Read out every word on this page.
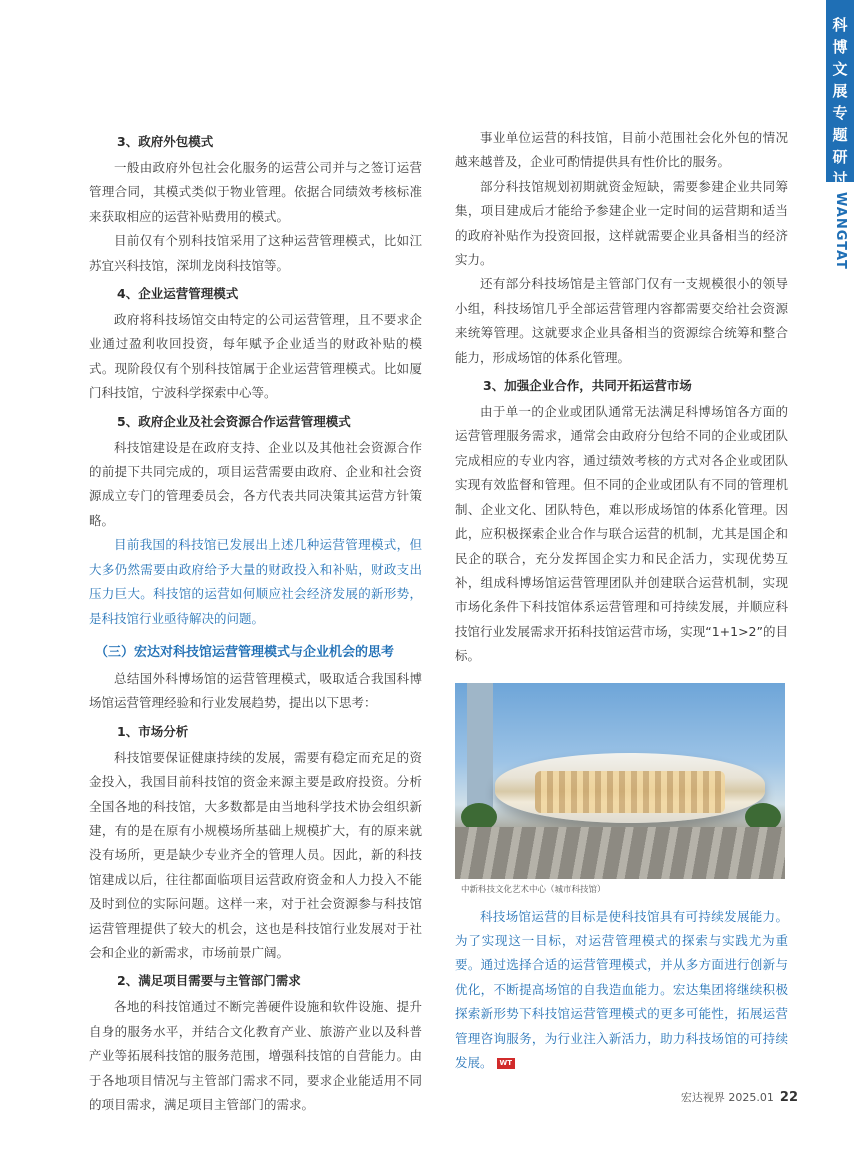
科
博
文
展
专
题
研
讨
WANGTAT
3、政府外包模式

一般由政府外包社会化服务的运营公司并与之签订运营管理合同，其模式类似于物业管理。依据合同绩效考核标准来获取相应的运营补贴费用的模式。

目前仅有个别科技馆采用了这种运营管理模式，比如江苏宜兴科技馆，深圳龙岗科技馆等。

4、企业运营管理模式

政府将科技场馆交由特定的公司运营管理，且不要求企业通过盈利收回投资，每年赋予企业适当的财政补贴的模式。现阶段仅有个别科技馆属于企业运营管理模式。比如厦门科技馆，宁波科学探索中心等。

5、政府企业及社会资源合作运营管理模式

科技馆建设是在政府支持、企业以及其他社会资源合作的前提下共同完成的，项目运营需要由政府、企业和社会资源成立专门的管理委员会，各方代表共同决策其运营方针策略。

目前我国的科技馆已发展出上述几种运营管理模式，但大多仍然需要由政府给予大量的财政投入和补贴，财政支出压力巨大。科技馆的运营如何顺应社会经济发展的新形势，是科技馆行业亟待解决的问题。

（三）宏达对科技馆运营管理模式与企业机会的思考

总结国外科博场馆的运营管理模式，吸取适合我国科博场馆运营管理经验和行业发展趋势，提出以下思考：

1、市场分析

科技馆要保证健康持续的发展，需要有稳定而充足的资金投入，我国目前科技馆的资金来源主要是政府投资。分析全国各地的科技馆，大多数都是由当地科学技术协会组织新建，有的是在原有小规模场所基础上规模扩大，有的原来就没有场所，更是缺少专业齐全的管理人员。因此，新的科技馆建成以后，往往都面临项目运营政府资金和人力投入不能及时到位的实际问题。这样一来，对于社会资源参与科技馆运营管理提供了较大的机会，这也是科技馆行业发展对于社会和企业的新需求，市场前景广阔。

2、满足项目需要与主管部门需求

各地的科技馆通过不断完善硬件设施和软件设施、提升自身的服务水平，并结合文化教育产业、旅游产业以及科普产业等拓展科技馆的服务范围，增强科技馆的自营能力。由于各地项目情况与主管部门需求不同，要求企业能适用不同的项目需求，满足项目主管部门的需求。

事业单位运营的科技馆，目前小范围社会化外包的情况越来越普及，企业可酌情提供具有性价比的服务。

部分科技馆规划初期就资金短缺，需要参建企业共同筹集，项目建成后才能给予参建企业一定时间的运营期和适当的政府补贴作为投资回报，这样就需要企业具备相当的经济实力。

还有部分科技场馆是主管部门仅有一支规模很小的领导小组，科技场馆几乎全部运营管理内容都需要交给社会资源来统筹管理。这就要求企业具备相当的资源综合统筹和整合能力，形成场馆的体系化管理。

3、加强企业合作，共同开拓运营市场

由于单一的企业或团队通常无法满足科博场馆各方面的运营管理服务需求，通常会由政府分包给不同的企业或团队完成相应的专业内容，通过绩效考核的方式对各企业或团队实现有效监督和管理。但不同的企业或团队有不同的管理机制、企业文化、团队特色，难以形成场馆的体系化管理。因此，应积极探索企业合作与联合运营的机制，尤其是国企和民企的联合，充分发挥国企实力和民企活力，实现优势互补，组成科博场馆运营管理团队并创建联合运营机制，实现市场化条件下科技馆体系运营管理和可持续发展，并顺应科技馆行业发展需求开拓科技馆运营市场，实现“1+1>2”的目标。

中新科技文化艺术中心（城市科技馆）

科技场馆运营的目标是使科技馆具有可持续发展能力。为了实现这一目标，对运营管理模式的探索与实践尤为重要。通过选择合适的运营管理模式，并从多方面进行创新与优化，不断提高场馆的自我造血能力。宏达集团将继续积极探索新形势下科技馆运营管理模式的更多可能性，拓展运营管理咨询服务，为行业注入新活力，助力科技场馆的可持续发展。 WT

宏达视界 2025.01 22
